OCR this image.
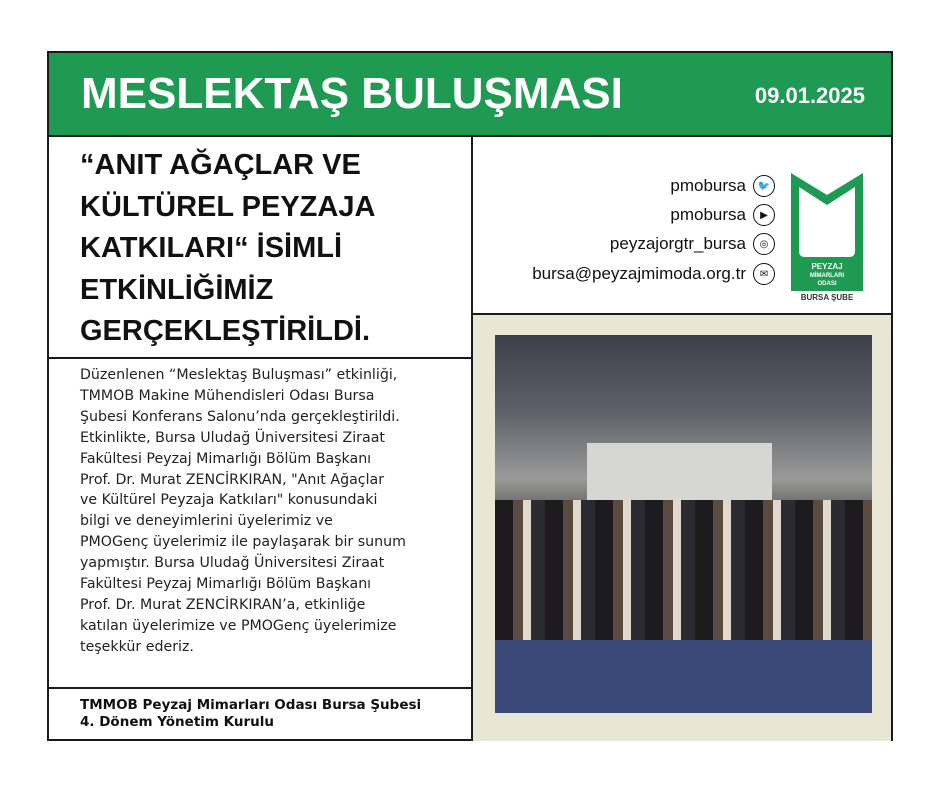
MESLEKTAŞ BULUŞMASI	09.01.2025
“ANIT AĞAÇLAR VE
KÜLTÜREL PEYZAJA
KATKILARI“ İSİMLİ
ETKİNLİĞİMİZ
GERÇEKLEŞTİRİLDİ.
Düzenlenen “Meslektaş Buluşması” etkinliği,
TMMOB Makine Mühendisleri Odası Bursa
Şubesi Konferans Salonu’nda gerçekleştirildi.
Etkinlikte, Bursa Uludağ Üniversitesi Ziraat
Fakültesi Peyzaj Mimarlığı Bölüm Başkanı
Prof. Dr. Murat ZENCİRKIRAN, "Anıt Ağaçlar
ve Kültürel Peyzaja Katkıları" konusundaki
bilgi ve deneyimlerini üyelerimiz ve
PMOGenç üyelerimiz ile paylaşarak bir sunum
yapmıştır. Bursa Uludağ Üniversitesi Ziraat
Fakültesi Peyzaj Mimarlığı Bölüm Başkanı
Prof. Dr. Murat ZENCİRKIRAN’a, etkinliğe
katılan üyelerimize ve PMOGenç üyelerimize
teşekkür ederiz.
TMMOB Peyzaj Mimarları Odası Bursa Şubesi
4. Dönem Yönetim Kurulu
pmobursa	🐦
pmobursa	▶
peyzajorgtr_bursa	◎
bursa@peyzajmimoda.org.tr	✉
PEYZAJ
MİMARLARI
ODASI
BURSA ŞUBE
